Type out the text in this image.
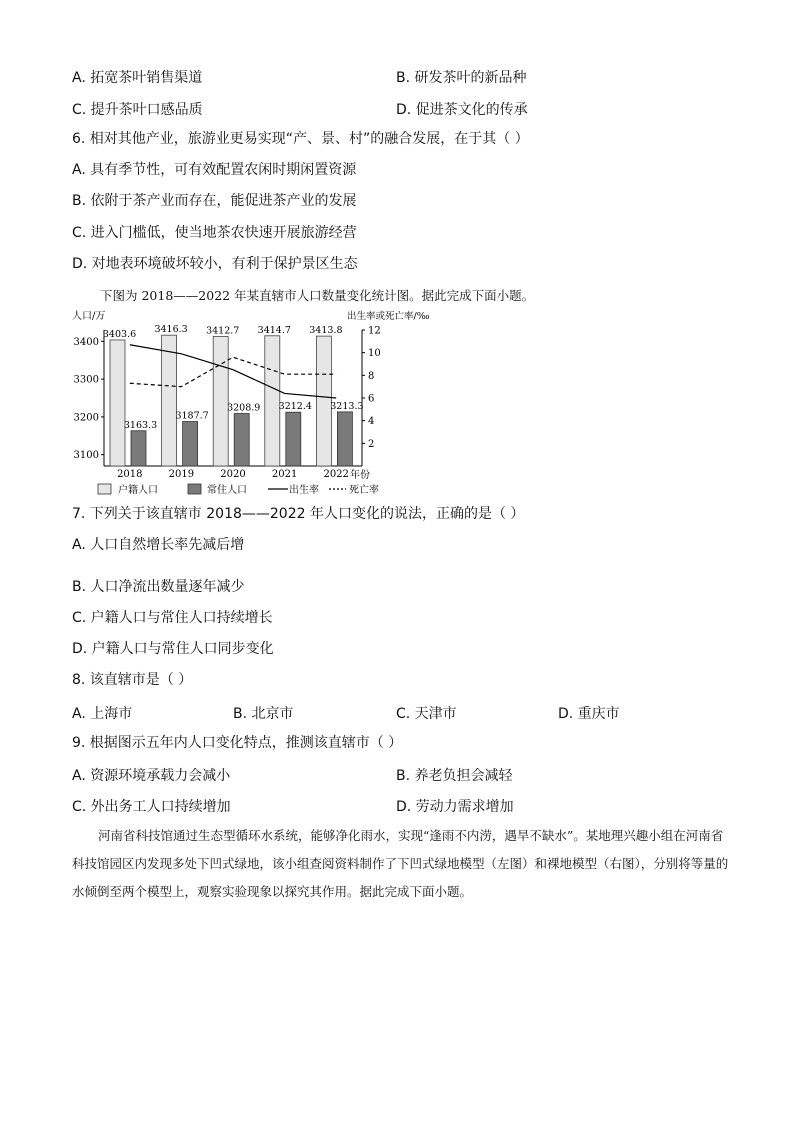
A. 拓宽茶叶销售渠道	B. 研发茶叶的新品种
C. 提升茶叶口感品质	D. 促进茶文化的传承
6. 相对其他产业，旅游业更易实现“产、景、村”的融合发展，在于其（ ）
A. 具有季节性，可有效配置农闲时期闲置资源
B. 依附于茶产业而存在，能促进茶产业的发展
C. 进入门槛低，使当地茶农快速开展旅游经营
D. 对地表环境破坏较小，有利于保护景区生态
下图为 2018——2022 年某直辖市人口数量变化统计图。据此完成下面小题。
人口/万	出生率或死亡率/‰
年份
3100
3200
3300
3400
2
4
6
8
10
12
3403.6
3163.3
3416.3
3187.7
3412.7
3208.9
3414.7
3212.4
3413.8
3213.3
2018	2019	2020	2021	2022
户籍人口	常住人口	出生率	死亡率
7. 下列关于该直辖市 2018——2022 年人口变化的说法，正确的是（ ）
A. 人口自然增长率先减后增
B. 人口净流出数量逐年减少
C. 户籍人口与常住人口持续增长
D. 户籍人口与常住人口同步变化
8. 该直辖市是（ ）
A. 上海市	B. 北京市	C. 天津市	D. 重庆市
9. 根据图示五年内人口变化特点，推测该直辖市（ ）
A. 资源环境承载力会减小	B. 养老负担会减轻
C. 外出务工人口持续增加	D. 劳动力需求增加
河南省科技馆通过生态型循环水系统，能够净化雨水，实现“逢雨不内涝，遇旱不缺水”。某地理兴趣小组在河南省科技馆园区内发现多处下凹式绿地，该小组查阅资料制作了下凹式绿地模型（左图）和裸地模型（右图），分别将等量的水倾倒至两个模型上，观察实验现象以探究其作用。据此完成下面小题。
